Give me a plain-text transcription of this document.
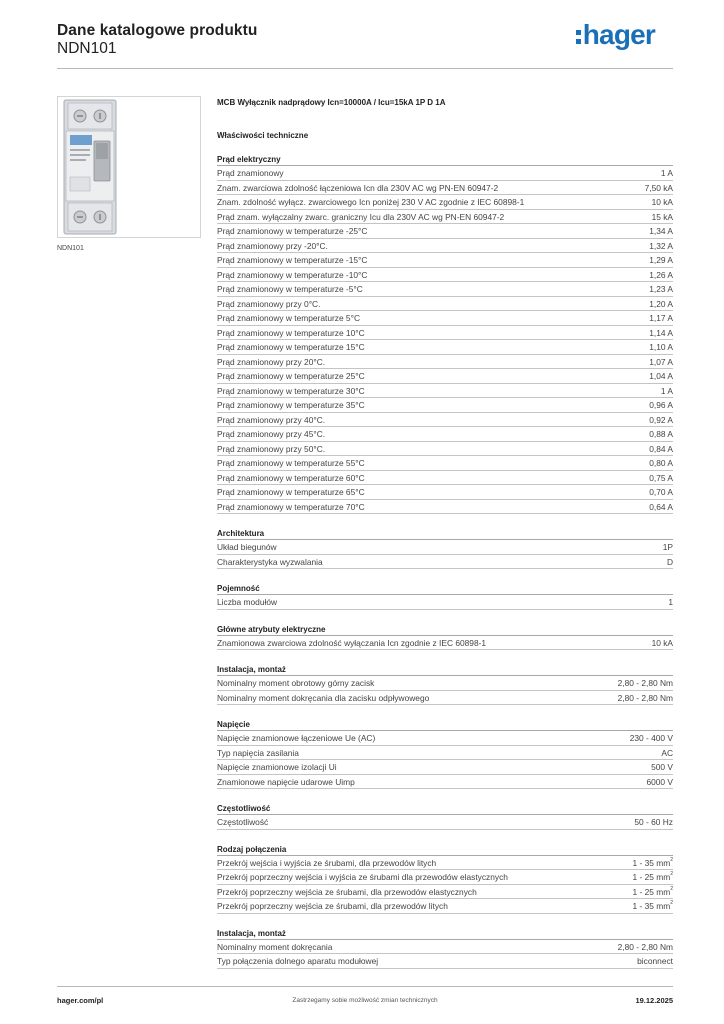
Dane katalogowe produktu
NDN101	hager
NDN101
MCB Wyłącznik nadprądowy Icn=10000A / Icu=15kA 1P D 1A
Właściwości techniczne
Prąd elektryczny
Prąd znamionowy	1 A
Znam. zwarciowa zdolność łączeniowa Icn dla 230V AC wg PN-EN 60947-2	7,50 kA
Znam. zdolność wyłącz. zwarciowego Icn poniżej 230 V AC zgodnie z IEC 60898-1	10 kA
Prąd znam. wyłączalny zwarc. graniczny Icu dla 230V AC wg PN-EN 60947-2	15 kA
Prąd znamionowy w temperaturze -25°C	1,34 A
Prąd znamionowy przy -20°C.	1,32 A
Prąd znamionowy w temperaturze -15°C	1,29 A
Prąd znamionowy w temperaturze -10°C	1,26 A
Prąd znamionowy w temperaturze -5°C	1,23 A
Prąd znamionowy przy 0°C.	1,20 A
Prąd znamionowy w temperaturze 5°C	1,17 A
Prąd znamionowy w temperaturze 10°C	1,14 A
Prąd znamionowy w temperaturze 15°C	1,10 A
Prąd znamionowy przy 20°C.	1,07 A
Prąd znamionowy w temperaturze 25°C	1,04 A
Prąd znamionowy w temperaturze 30°C	1 A
Prąd znamionowy w temperaturze 35°C	0,96 A
Prąd znamionowy przy 40°C.	0,92 A
Prąd znamionowy przy 45°C.	0,88 A
Prąd znamionowy przy 50°C.	0,84 A
Prąd znamionowy w temperaturze 55°C	0,80 A
Prąd znamionowy w temperaturze 60°C	0,75 A
Prąd znamionowy w temperaturze 65°C	0,70 A
Prąd znamionowy w temperaturze 70°C	0,64 A
Architektura
Układ biegunów	1P
Charakterystyka wyzwalania	D
Pojemność
Liczba modułów	1
Główne atrybuty elektryczne
Znamionowa zwarciowa zdolność wyłączania Icn zgodnie z IEC 60898-1	10 kA
Instalacja, montaż
Nominalny moment obrotowy górny zacisk	2,80 - 2,80 Nm
Nominalny moment dokręcania dla zacisku odpływowego	2,80 - 2,80 Nm
Napięcie
Napięcie znamionowe łączeniowe Ue (AC)	230 - 400 V
Typ napięcia zasilania	AC
Napięcie znamionowe izolacji Ui	500 V
Znamionowe napięcie udarowe Uimp	6000 V
Częstotliwość
Częstotliwość	50 - 60 Hz
Rodzaj połączenia
Przekrój wejścia i wyjścia ze śrubami, dla przewodów litych	1 - 35 $mm^2$
Przekrój poprzeczny wejścia i wyjścia ze śrubami dla przewodów elastycznych	1 - 25 $mm^2$
Przekrój poprzeczny wejścia ze śrubami, dla przewodów elastycznych	1 - 25 $mm^2$
Przekrój poprzeczny wejścia ze śrubami, dla przewodów litych	1 - 35 $mm^2$
Instalacja, montaż
Nominalny moment dokręcania	2,80 - 2,80 Nm
Typ połączenia dolnego aparatu modułowej	biconnect
hager.com/pl	Zastrzegamy sobie możliwość zmian technicznych	19.12.2025
